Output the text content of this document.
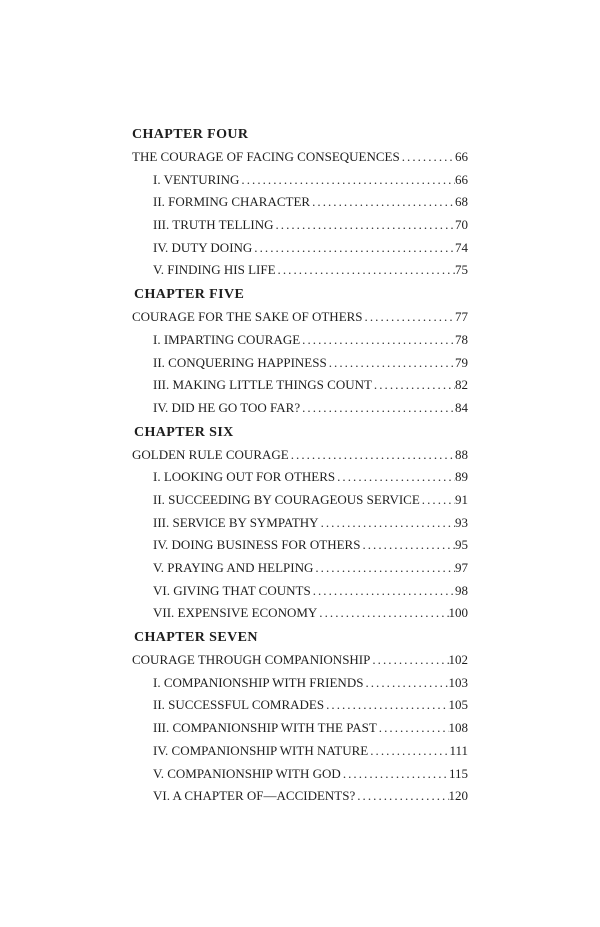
CHAPTER FOUR
THE COURAGE OF FACING CONSEQUENCES . . .	66
I. VENTURING . . .	66
II. FORMING CHARACTER . . .	68
III. TRUTH TELLING . . .	70
IV. DUTY DOING . . .	74
V. FINDING HIS LIFE . . .	75
CHAPTER FIVE
COURAGE FOR THE SAKE OF OTHERS . . .	77
I. IMPARTING COURAGE . . .	78
II. CONQUERING HAPPINESS . . .	79
III. MAKING LITTLE THINGS COUNT . . .	82
IV. DID HE GO TOO FAR? . . .	84
CHAPTER SIX
GOLDEN RULE COURAGE . . .	88
I. LOOKING OUT FOR OTHERS . . .	89
II. SUCCEEDING BY COURAGEOUS SERVICE . . .	91
III. SERVICE BY SYMPATHY . . .	93
IV. DOING BUSINESS FOR OTHERS . . .	95
V. PRAYING AND HELPING . . .	97
VI. GIVING THAT COUNTS . . .	98
VII. EXPENSIVE ECONOMY . . .	100
CHAPTER SEVEN
COURAGE THROUGH COMPANIONSHIP . . .	102
I. COMPANIONSHIP WITH FRIENDS . . .	103
II. SUCCESSFUL COMRADES . . .	105
III. COMPANIONSHIP WITH THE PAST . . .	108
IV. COMPANIONSHIP WITH NATURE . . .	111
V. COMPANIONSHIP WITH GOD . . .	115
VI. A CHAPTER OF—ACCIDENTS? . . .	120
